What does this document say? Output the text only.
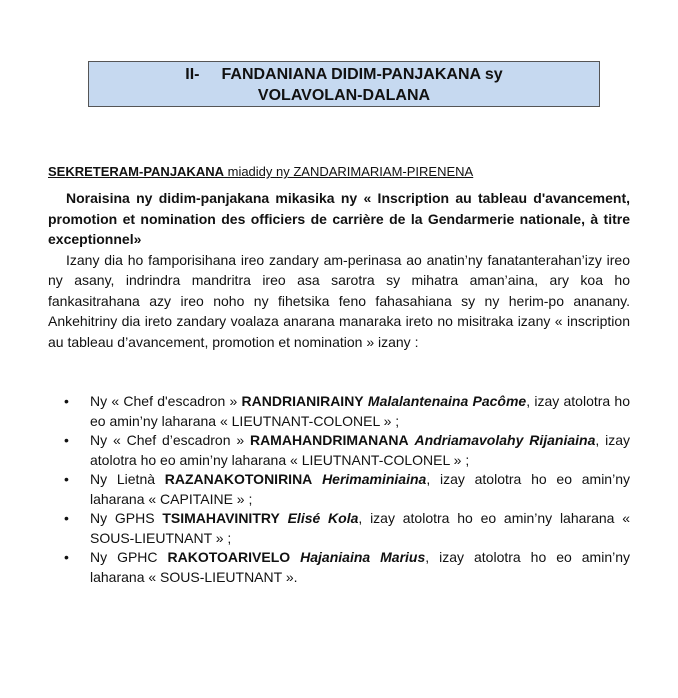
II- FANDANIANA DIDIM-PANJAKANA sy
VOLAVOLAN-DALANA
SEKRETERAM-PANJAKANA miadidy ny ZANDARIMARIAM-PIRENENA

Noraisina ny didim-panjakana mikasika ny « Inscription au tableau d'avancement, promotion et nomination des officiers de carrière de la Gendarmerie nationale, à titre exceptionnel»

Izany dia ho famporisihana ireo zandary am-perinasa ao anatin’ny fanatanterahan’izy ireo ny asany, indrindra mandritra ireo asa sarotra sy mihatra aman’aina, ary koa ho fankasitrahana azy ireo noho ny fihetsika feno fahasahiana sy ny herim-po ananany. Ankehitriny dia ireto zandary voalaza anarana manaraka ireto no misitraka izany « inscription au tableau d’avancement, promotion et nomination » izany :

• Ny « Chef d'escadron » RANDRIANIRAINY Malalantenaina Pacôme, izay atolotra ho eo amin’ny laharana « LIEUTNANT-COLONEL » ;
• Ny « Chef d’escadron » RAMAHANDRIMANANA Andriamavolahy Rijaniaina, izay atolotra ho eo amin’ny laharana « LIEUTNANT-COLONEL » ;
• Ny Lietnà RAZANAKOTONIRINA Herimaminiaina, izay atolotra ho eo amin’ny laharana « CAPITAINE » ;
• Ny GPHS TSIMAHAVINITRY Elisé Kola, izay atolotra ho eo amin’ny laharana « SOUS-LIEUTNANT » ;
• Ny GPHC RAKOTOARIVELO Hajaniaina Marius, izay atolotra ho eo amin’ny laharana « SOUS-LIEUTNANT ».
